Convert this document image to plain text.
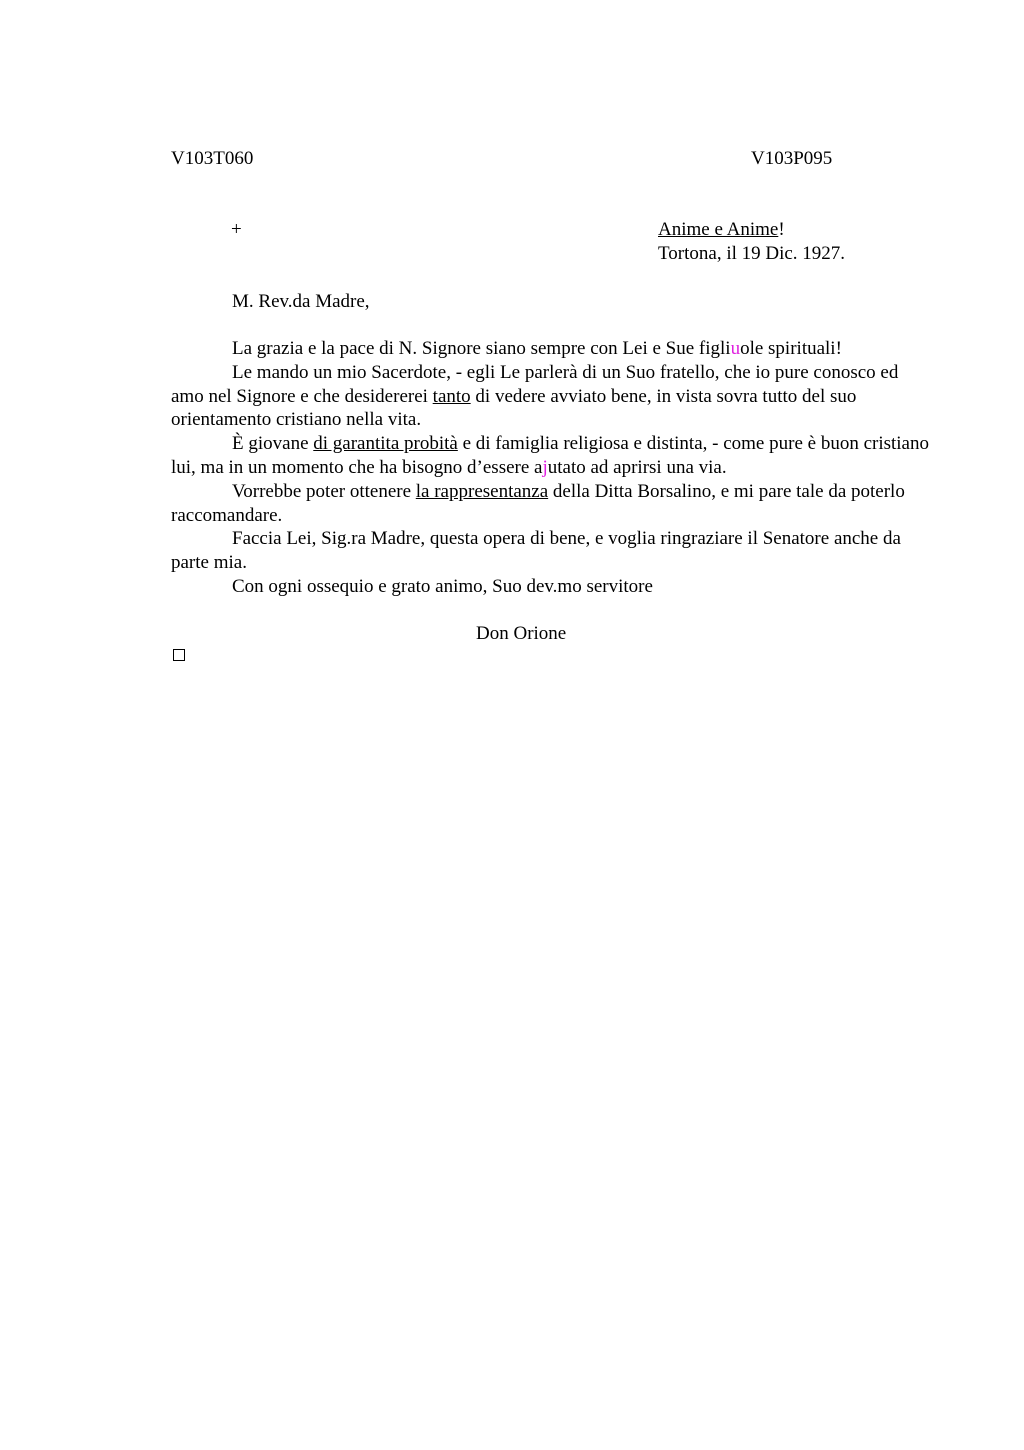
V103T060	V103P095
+	Anime e Anime!
Tortona, il 19 Dic. 1927.
M. Rev.da Madre,

La grazia e la pace di N. Signore siano sempre con Lei e Sue figliuole spirituali!

Le mando un mio Sacerdote, - egli Le parlerà di un Suo fratello, che io pure conosco ed amo nel Signore e che desidererei tanto di vedere avviato bene, in vista sovra tutto del suo orientamento cristiano nella vita.

È giovane di garantita probità e di famiglia religiosa e distinta, - come pure è buon cristiano lui, ma in un momento che ha bisogno d’essere ajutato ad aprirsi una via.

Vorrebbe poter ottenere la rappresentanza della Ditta Borsalino, e mi pare tale da poterlo raccomandare.

Faccia Lei, Sig.ra Madre, questa opera di bene, e voglia ringraziare il Senatore anche da parte mia.

Con ogni ossequio e grato animo, Suo dev.mo servitore

Don Orione
